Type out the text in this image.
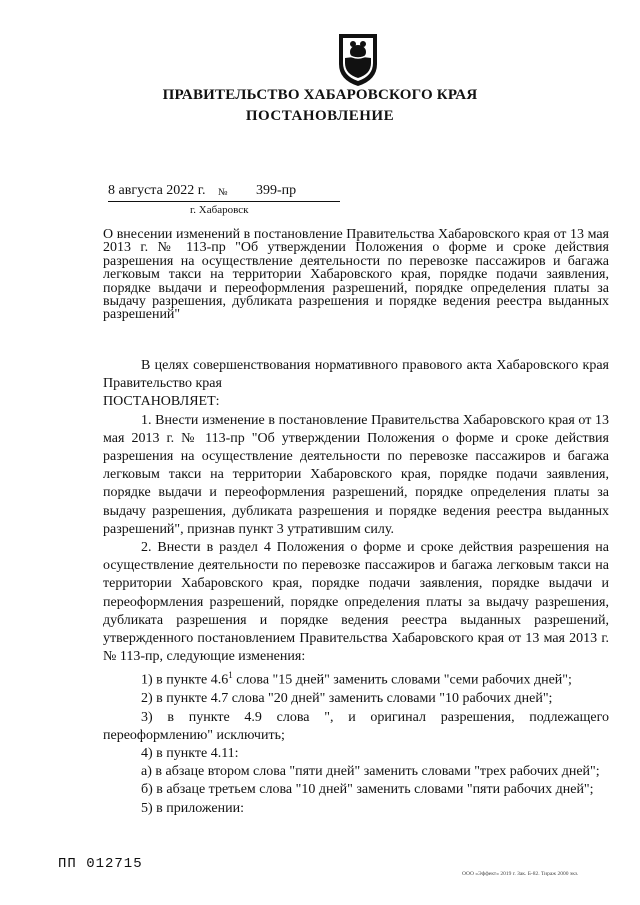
ПРАВИТЕЛЬСТВО ХАБАРОВСКОГО КРАЯ
ПОСТАНОВЛЕНИЕ
8 августа 2022 г. № 399-пр
г. Хабаровск
О внесении изменений в постановление Правительства Хабаровского края от 13 мая 2013 г. № 113-пр "Об утверждении Положения о форме и сроке действия разрешения на осуществление деятельности по перевозке пассажиров и багажа легковым такси на территории Хабаровского края, порядке подачи заявления, порядке выдачи и переоформления разрешений, порядке определения платы за выдачу разрешения, дубликата разрешения и порядке ведения реестра выданных разрешений"

В целях совершенствования нормативного правового акта Хабаровского края Правительство края

ПОСТАНОВЛЯЕТ:

1. Внести изменение в постановление Правительства Хабаровского края от 13 мая 2013 г. № 113-пр "Об утверждении Положения о форме и сроке действия разрешения на осуществление деятельности по перевозке пассажиров и багажа легковым такси на территории Хабаровского края, порядке подачи заявления, порядке выдачи и переоформления разрешений, порядке определения платы за выдачу разрешения, дубликата разрешения и порядке ведения реестра выданных разрешений", признав пункт 3 утратившим силу.

2. Внести в раздел 4 Положения о форме и сроке действия разрешения на осуществление деятельности по перевозке пассажиров и багажа легковым такси на территории Хабаровского края, порядке подачи заявления, порядке выдачи и переоформления разрешений, порядке определения платы за выдачу разрешения, дубликата разрешения и порядке ведения реестра выданных разрешений, утвержденного постановлением Правительства Хабаровского края от 13 мая 2013 г. № 113-пр, следующие изменения:

1) в пункте $4.6^1$ слова "15 дней" заменить словами "семи рабочих дней";

2) в пункте 4.7 слова "20 дней" заменить словами "10 рабочих дней";

3) в пункте 4.9 слова ", и оригинал разрешения, подлежащего переоформлению" исключить;

4) в пункте 4.11:

а) в абзаце втором слова "пяти дней" заменить словами "трех рабочих дней";

б) в абзаце третьем слова "10 дней" заменить словами "пяти рабочих дней";

5) в приложении:

ПП 012715
ООО «Эффект» 2019 г. Зак. Б-82. Тираж 2000 экз.
